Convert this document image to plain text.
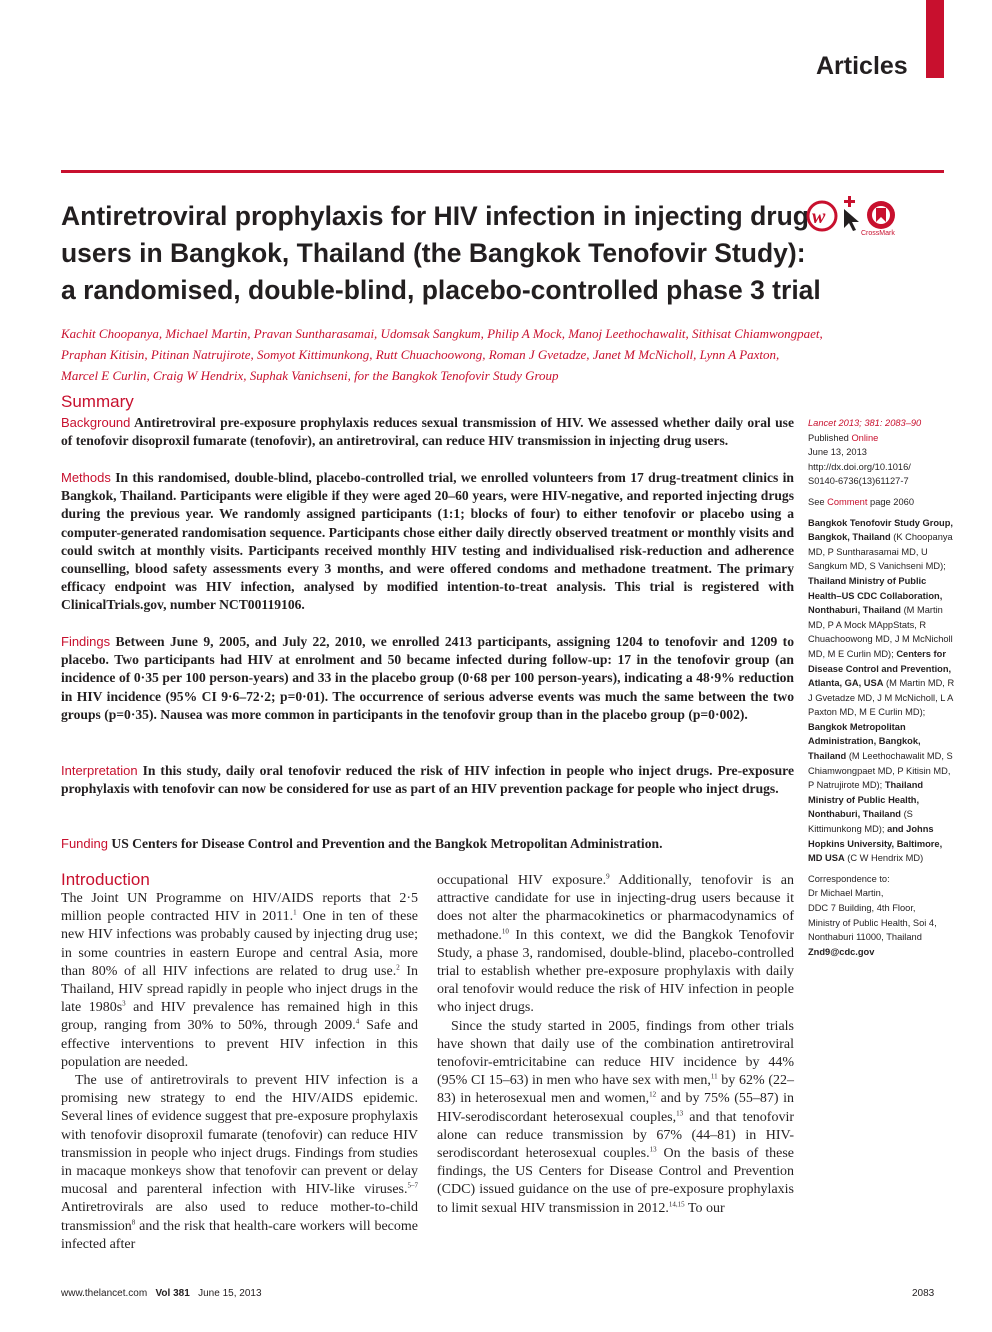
Articles
Antiretroviral prophylaxis for HIV infection in injecting drug
users in Bangkok, Thailand (the Bangkok Tenofovir Study):
a randomised, double-blind, placebo-controlled phase 3 trial
w
CrossMark
Kachit Choopanya, Michael Martin, Pravan Suntharasamai, Udomsak Sangkum, Philip A Mock, Manoj Leethochawalit, Sithisat Chiamwongpaet,
Praphan Kitisin, Pitinan Natrujirote, Somyot Kittimunkong, Rutt Chuachoowong, Roman J Gvetadze, Janet M McNicholl, Lynn A Paxton,
Marcel E Curlin, Craig W Hendrix, Suphak Vanichseni, for the Bangkok Tenofovir Study Group
Summary
Background Antiretroviral pre-exposure prophylaxis reduces sexual transmission of HIV. We assessed whether daily oral use of tenofovir disoproxil fumarate (tenofovir), an antiretroviral, can reduce HIV transmission in injecting drug users.
Methods In this randomised, double-blind, placebo-controlled trial, we enrolled volunteers from 17 drug-treatment clinics in Bangkok, Thailand. Participants were eligible if they were aged 20–60 years, were HIV-negative, and reported injecting drugs during the previous year. We randomly assigned participants (1:1; blocks of four) to either tenofovir or placebo using a computer-generated randomisation sequence. Participants chose either daily directly observed treatment or monthly visits and could switch at monthly visits. Participants received monthly HIV testing and individualised risk-reduction and adherence counselling, blood safety assessments every 3 months, and were offered condoms and methadone treatment. The primary efficacy endpoint was HIV infection, analysed by modified intention-to-treat analysis. This trial is registered with ClinicalTrials.gov, number NCT00119106.
Findings Between June 9, 2005, and July 22, 2010, we enrolled 2413 participants, assigning 1204 to tenofovir and 1209 to placebo. Two participants had HIV at enrolment and 50 became infected during follow-up: 17 in the tenofovir group (an incidence of 0·35 per 100 person-years) and 33 in the placebo group (0·68 per 100 person-years), indicating a 48·9% reduction in HIV incidence (95% CI 9·6–72·2; p=0·01). The occurrence of serious adverse events was much the same between the two groups (p=0·35). Nausea was more common in participants in the tenofovir group than in the placebo group (p=0·002).
Interpretation In this study, daily oral tenofovir reduced the risk of HIV infection in people who inject drugs. Pre-exposure prophylaxis with tenofovir can now be considered for use as part of an HIV prevention package for people who inject drugs.
Funding US Centers for Disease Control and Prevention and the Bangkok Metropolitan Administration.
Lancet 2013; 381: 2083–90
Published Online
June 13, 2013
http://dx.doi.org/10.1016/
S0140-6736(13)61127-7
See Comment page 2060
Bangkok Tenofovir Study Group, Bangkok, Thailand (K Choopanya MD, P Suntharasamai MD, U Sangkum MD, S Vanichseni MD); Thailand Ministry of Public Health–US CDC Collaboration, Nonthaburi, Thailand (M Martin MD, P A Mock MAppStats, R Chuachoowong MD, J M McNicholl MD, M E Curlin MD); Centers for Disease Control and Prevention, Atlanta, GA, USA (M Martin MD, R J Gvetadze MD, J M McNicholl, L A Paxton MD, M E Curlin MD); Bangkok Metropolitan Administration, Bangkok, Thailand (M Leethochawalit MD, S Chiamwongpaet MD, P Kitisin MD, P Natrujirote MD); Thailand Ministry of Public Health, Nonthaburi, Thailand (S Kittimunkong MD); and Johns Hopkins University, Baltimore, MD USA (C W Hendrix MD)
Correspondence to:
Dr Michael Martin,
DDC 7 Building, 4th Floor,
Ministry of Public Health, Soi 4,
Nonthaburi 11000, Thailand
Znd9@cdc.gov
Introduction

The Joint UN Programme on HIV/AIDS reports that 2·5 million people contracted HIV in 2011.$^1$ One in ten of these new HIV infections was probably caused by injecting drug use; in some countries in eastern Europe and central Asia, more than 80% of all HIV infections are related to drug use.$^2$ In Thailand, HIV spread rapidly in people who inject drugs in the late $1980s^3$ and HIV prevalence has remained high in this group, ranging from 30% to 50%, through 2009.$^4$ Safe and effective interventions to prevent HIV infection in this population are needed.

The use of antiretrovirals to prevent HIV infection is a promising new strategy to end the HIV/AIDS epidemic. Several lines of evidence suggest that pre-exposure prophylaxis with tenofovir disoproxil fumarate (tenofovir) can reduce HIV transmission in people who inject drugs. Findings from studies in macaque monkeys show that tenofovir can prevent or delay mucosal and parenteral infection with HIV-like viruses.$^{5-7}$ Antiretrovirals are also used to reduce mother-to-child transmission$^8$ and the risk that health-care workers will become infected after

occupational HIV exposure.$^9$ Additionally, tenofovir is an attractive candidate for use in injecting-drug users because it does not alter the pharmacokinetics or pharmacodynamics of methadone.$^{10}$ In this context, we did the Bangkok Tenofovir Study, a phase 3, randomised, double-blind, placebo-controlled trial to establish whether pre-exposure prophylaxis with daily oral tenofovir would reduce the risk of HIV infection in people who inject drugs.

Since the study started in 2005, findings from other trials have shown that daily use of the combination antiretroviral tenofovir-emtricitabine can reduce HIV incidence by 44% (95% CI 15–63) in men who have sex with men,$^{11}$ by 62% (22–83) in heterosexual men and women,$^{12}$ and by 75% (55–87) in HIV-serodiscordant heterosexual couples,$^{13}$ and that tenofovir alone can reduce transmission by 67% (44–81) in HIV-serodiscordant heterosexual couples.$^{13}$ On the basis of these findings, the US Centers for Disease Control and Prevention (CDC) issued guidance on the use of pre-exposure prophylaxis to limit sexual HIV transmission in 2012.$^{14,15}$ To our

www.thelancet.com Vol 381 June 15, 2013	2083
